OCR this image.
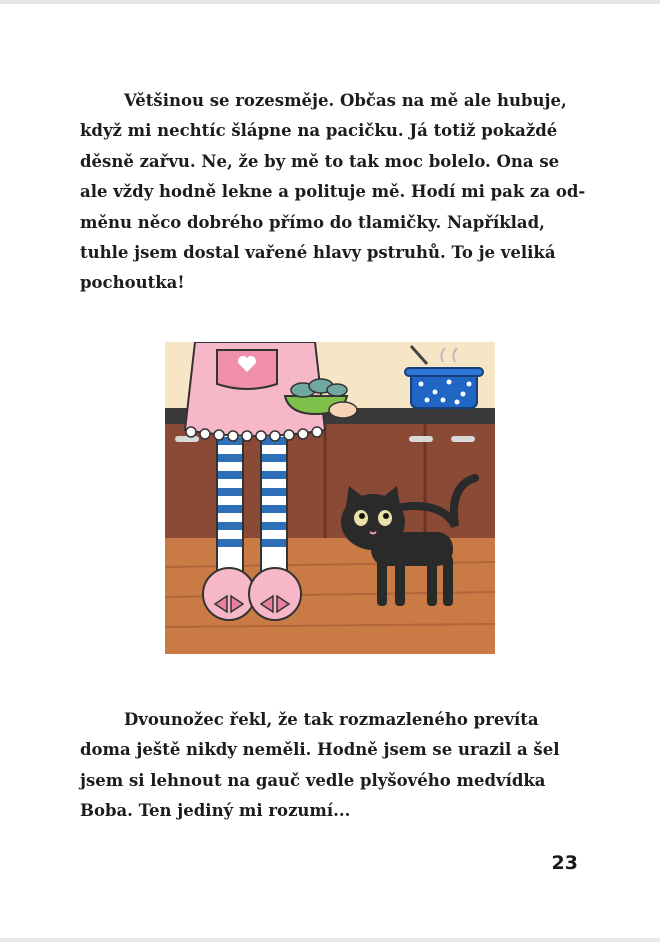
Většinou se rozesměje. Občas na mě ale hubuje,
když mi nechtíc šlápne na pacičku. Já totiž pokaždé
děsně zařvu. Ne, že by mě to tak moc bolelo. Ona se
ale vždy hodně lekne a polituje mě. Hodí mi pak za od-
měnu něco dobrého přímo do tlamičky. Například,
tuhle jsem dostal vařené hlavy pstruhů. To je veliká
pochoutka!
Dvounožec řekl, že tak rozmazleného prevíta
doma ještě nikdy neměli. Hodně jsem se urazil a šel
jsem si lehnout na gauč vedle plyšového medvídka
Boba. Ten jediný mi rozumí...
23
